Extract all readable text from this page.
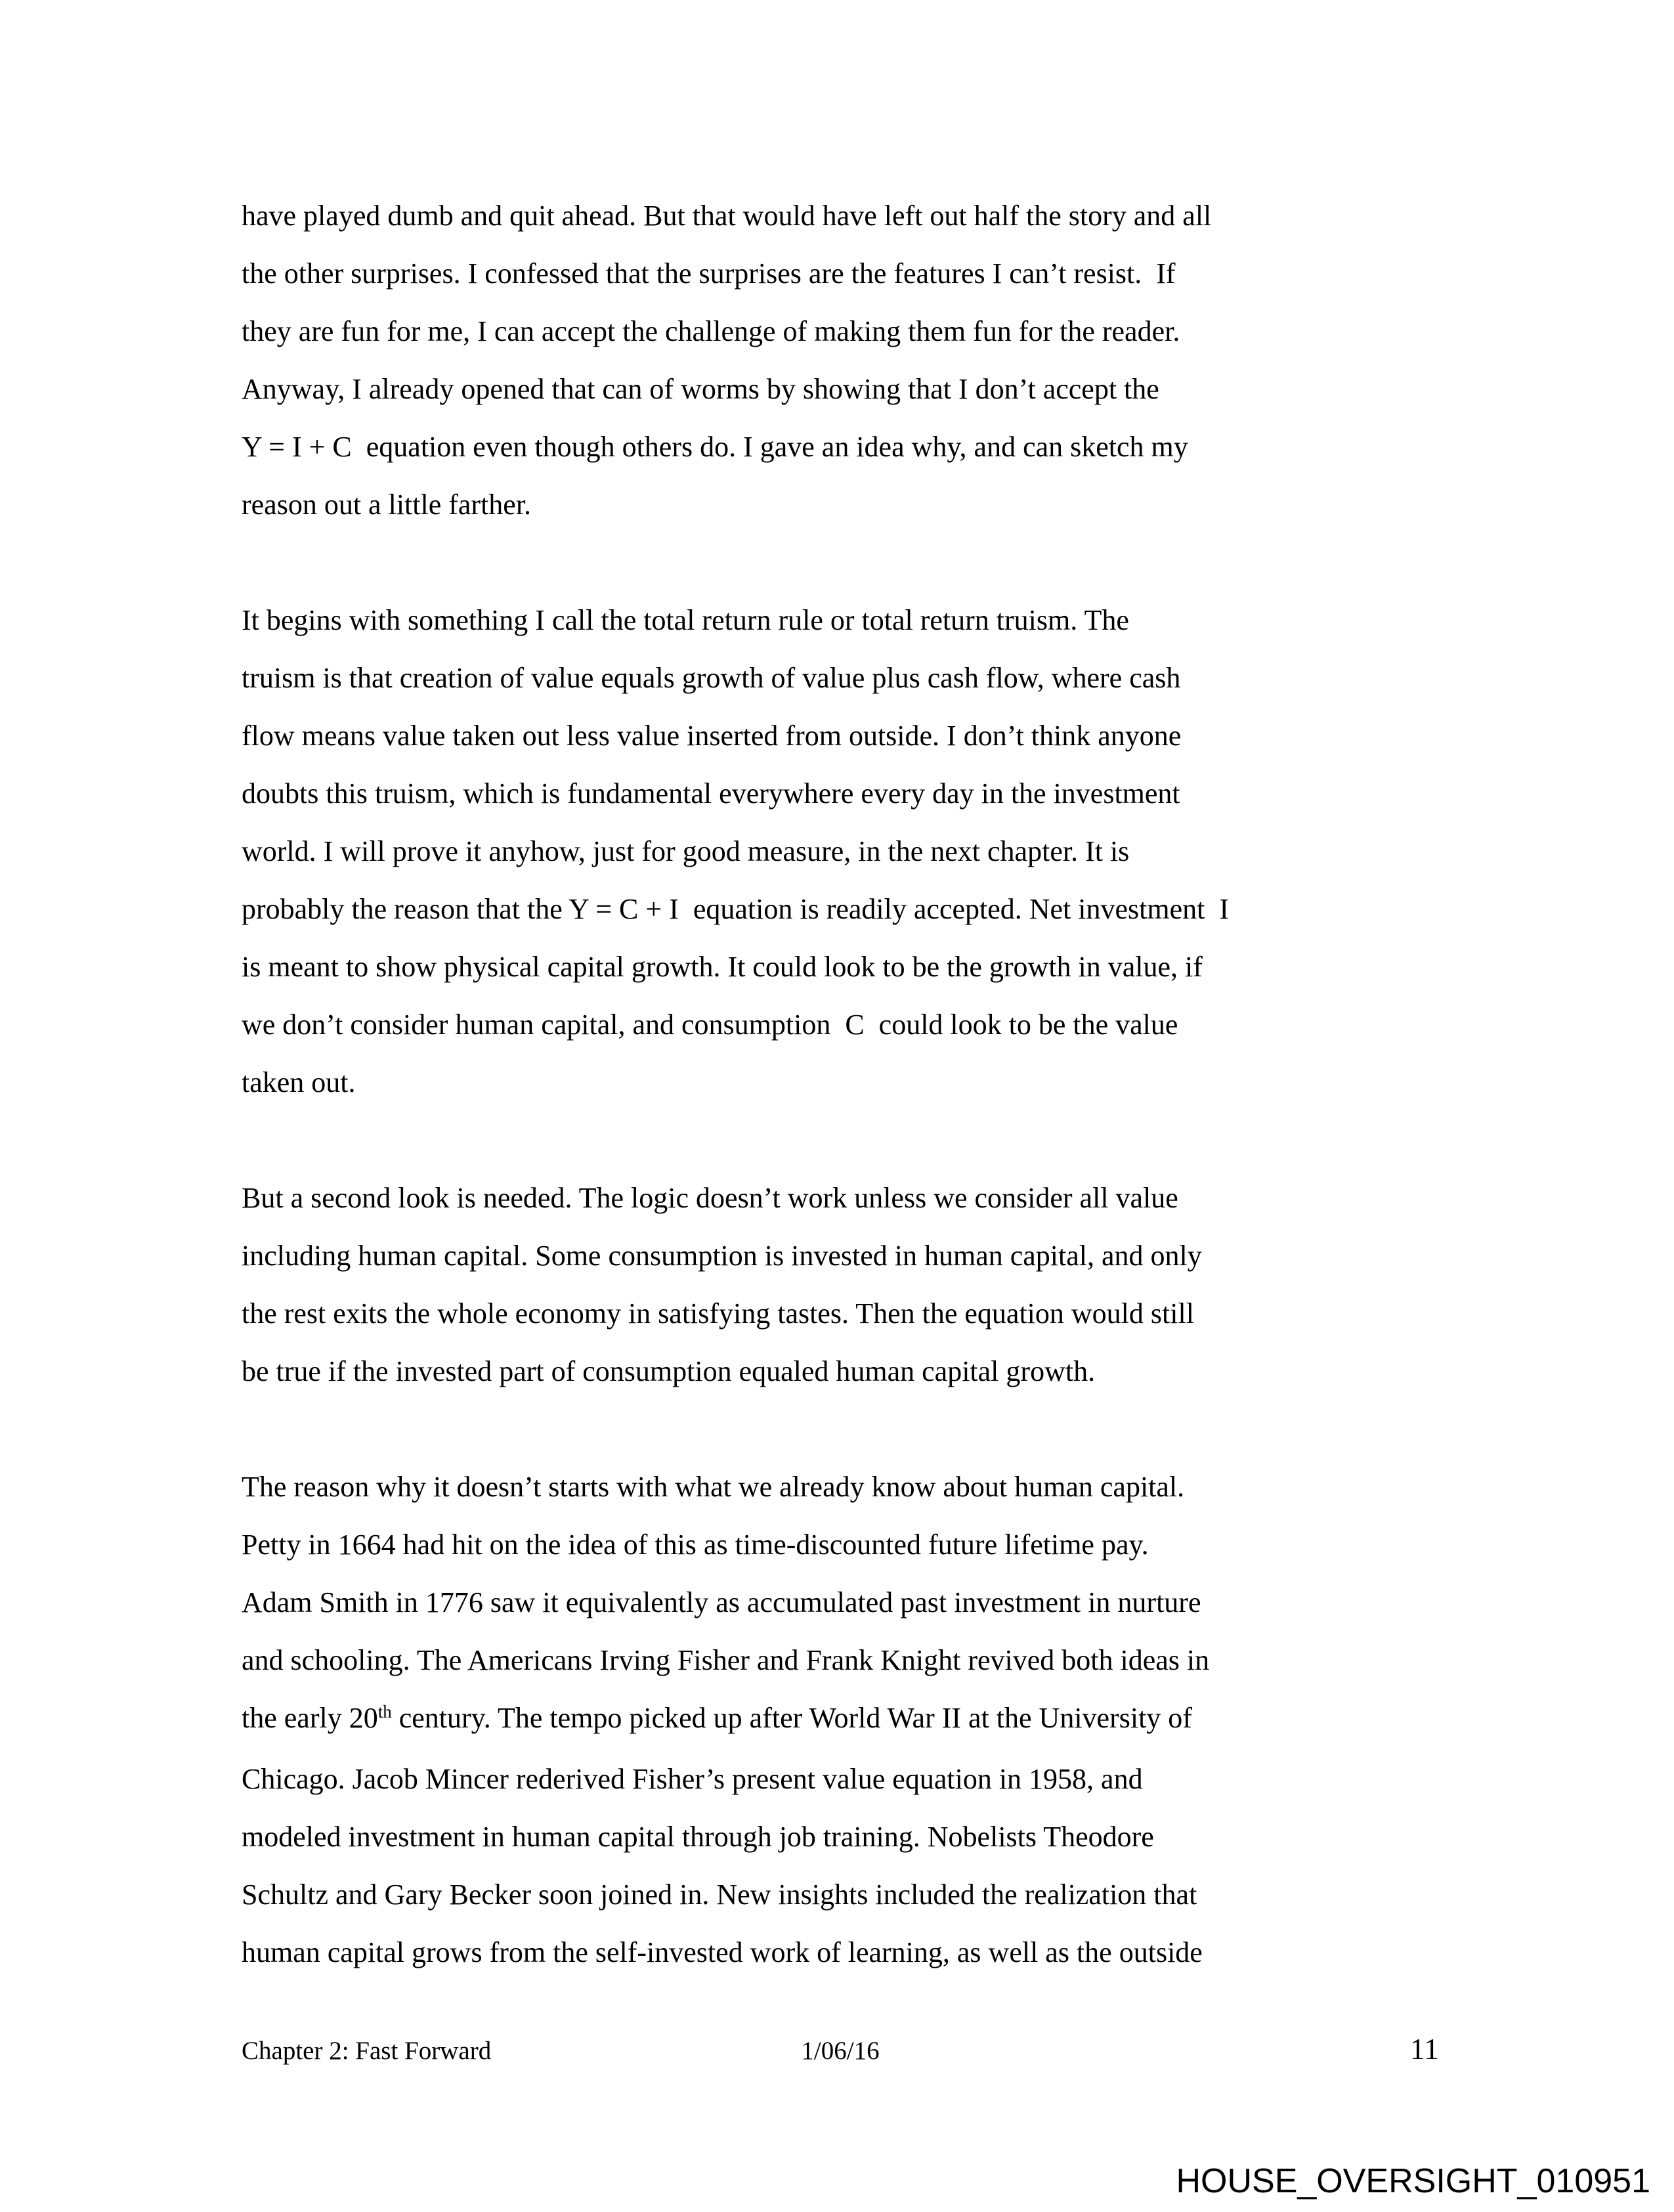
have played dumb and quit ahead. But that would have left out half the story and all
the other surprises. I confessed that the surprises are the features I can’t resist.  If
they are fun for me, I can accept the challenge of making them fun for the reader.
Anyway, I already opened that can of worms by showing that I don’t accept the
Y = I + C  equation even though others do. I gave an idea why, and can sketch my
reason out a little farther.
It begins with something I call the total return rule or total return truism. The
truism is that creation of value equals growth of value plus cash flow, where cash
flow means value taken out less value inserted from outside. I don’t think anyone
doubts this truism, which is fundamental everywhere every day in the investment
world. I will prove it anyhow, just for good measure, in the next chapter. It is
probably the reason that the Y = C + I  equation is readily accepted. Net investment  I
is meant to show physical capital growth. It could look to be the growth in value, if
we don’t consider human capital, and consumption  C  could look to be the value
taken out.
But a second look is needed. The logic doesn’t work unless we consider all value
including human capital. Some consumption is invested in human capital, and only
the rest exits the whole economy in satisfying tastes. Then the equation would still
be true if the invested part of consumption equaled human capital growth.
The reason why it doesn’t starts with what we already know about human capital.
Petty in 1664 had hit on the idea of this as time-discounted future lifetime pay.
Adam Smith in 1776 saw it equivalently as accumulated past investment in nurture
and schooling. The Americans Irving Fisher and Frank Knight revived both ideas in
the early 20th century. The tempo picked up after World War II at the University of
Chicago. Jacob Mincer rederived Fisher’s present value equation in 1958, and
modeled investment in human capital through job training. Nobelists Theodore
Schultz and Gary Becker soon joined in. New insights included the realization that
human capital grows from the self-invested work of learning, as well as the outside
Chapter 2: Fast Forward	1/06/16	11
HOUSE_OVERSIGHT_010951
